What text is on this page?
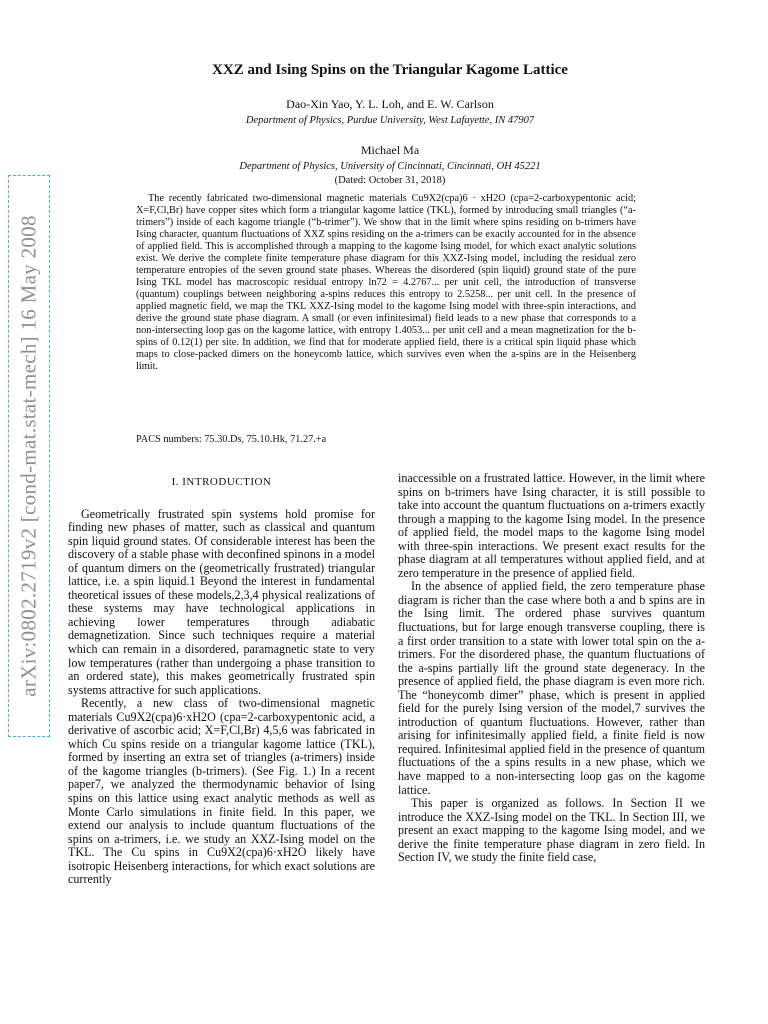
arXiv:0802.2719v2 [cond-mat.stat-mech] 16 May 2008

XXZ and Ising Spins on the Triangular Kagome Lattice

Dao-Xin Yao, Y. L. Loh, and E. W. Carlson

Department of Physics, Purdue University, West Lafayette, IN 47907

Michael Ma

Department of Physics, University of Cincinnati, Cincinnati, OH 45221

(Dated: October 31, 2018)

The recently fabricated two-dimensional magnetic materials Cu9X2(cpa)6 · xH2O (cpa=2-carboxypentonic acid; X=F,Cl,Br) have copper sites which form a triangular kagome lattice (TKL), formed by introducing small triangles (“a-trimers”) inside of each kagome triangle (“b-trimer”). We show that in the limit where spins residing on b-trimers have Ising character, quantum fluctuations of XXZ spins residing on the a-trimers can be exactly accounted for in the absence of applied field. This is accomplished through a mapping to the kagome Ising model, for which exact analytic solutions exist. We derive the complete finite temperature phase diagram for this XXZ-Ising model, including the residual zero temperature entropies of the seven ground state phases. Whereas the disordered (spin liquid) ground state of the pure Ising TKL model has macroscopic residual entropy ln72 = 4.2767... per unit cell, the introduction of transverse (quantum) couplings between neighboring a-spins reduces this entropy to 2.5258... per unit cell. In the presence of applied magnetic field, we map the TKL XXZ-Ising model to the kagome Ising model with three-spin interactions, and derive the ground state phase diagram. A small (or even infinitesimal) field leads to a new phase that corresponds to a non-intersecting loop gas on the kagome lattice, with entropy 1.4053... per unit cell and a mean magnetization for the b-spins of 0.12(1) per site. In addition, we find that for moderate applied field, there is a critical spin liquid phase which maps to close-packed dimers on the honeycomb lattice, which survives even when the a-spins are in the Heisenberg limit.

PACS numbers: 75.30.Ds, 75.10.Hk, 71.27.+a

I. INTRODUCTION

Geometrically frustrated spin systems hold promise for finding new phases of matter, such as classical and quantum spin liquid ground states. Of considerable interest has been the discovery of a stable phase with deconfined spinons in a model of quantum dimers on the (geometrically frustrated) triangular lattice, i.e. a spin liquid.1 Beyond the interest in fundamental theoretical issues of these models,2,3,4 physical realizations of these systems may have technological applications in achieving lower temperatures through adiabatic demagnetization. Since such techniques require a material which can remain in a disordered, paramagnetic state to very low temperatures (rather than undergoing a phase transition to an ordered state), this makes geometrically frustrated spin systems attractive for such applications.

Recently, a new class of two-dimensional magnetic materials Cu9X2(cpa)6·xH2O (cpa=2-carboxypentonic acid, a derivative of ascorbic acid; X=F,Cl,Br) 4,5,6 was fabricated in which Cu spins reside on a triangular kagome lattice (TKL), formed by inserting an extra set of triangles (a-trimers) inside of the kagome triangles (b-trimers). (See Fig. 1.) In a recent paper7, we analyzed the thermodynamic behavior of Ising spins on this lattice using exact analytic methods as well as Monte Carlo simulations in finite field. In this paper, we extend our analysis to include quantum fluctuations of the spins on a-trimers, i.e. we study an XXZ-Ising model on the TKL. The Cu spins in Cu9X2(cpa)6·xH2O likely have isotropic Heisenberg interactions, for which exact solutions are currently

inaccessible on a frustrated lattice. However, in the limit where spins on b-trimers have Ising character, it is still possible to take into account the quantum fluctuations on a-trimers exactly through a mapping to the kagome Ising model. In the presence of applied field, the model maps to the kagome Ising model with three-spin interactions. We present exact results for the phase diagram at all temperatures without applied field, and at zero temperature in the presence of applied field.

In the absence of applied field, the zero temperature phase diagram is richer than the case where both a and b spins are in the Ising limit. The ordered phase survives quantum fluctuations, but for large enough transverse coupling, there is a first order transition to a state with lower total spin on the a-trimers. For the disordered phase, the quantum fluctuations of the a-spins partially lift the ground state degeneracy. In the presence of applied field, the phase diagram is even more rich. The “honeycomb dimer” phase, which is present in applied field for the purely Ising version of the model,7 survives the introduction of quantum fluctuations. However, rather than arising for infinitesimally applied field, a finite field is now required. Infinitesimal applied field in the presence of quantum fluctuations of the a spins results in a new phase, which we have mapped to a non-intersecting loop gas on the kagome lattice.

This paper is organized as follows. In Section II we introduce the XXZ-Ising model on the TKL. In Section III, we present an exact mapping to the kagome Ising model, and we derive the finite temperature phase diagram in zero field. In Section IV, we study the finite field case,
